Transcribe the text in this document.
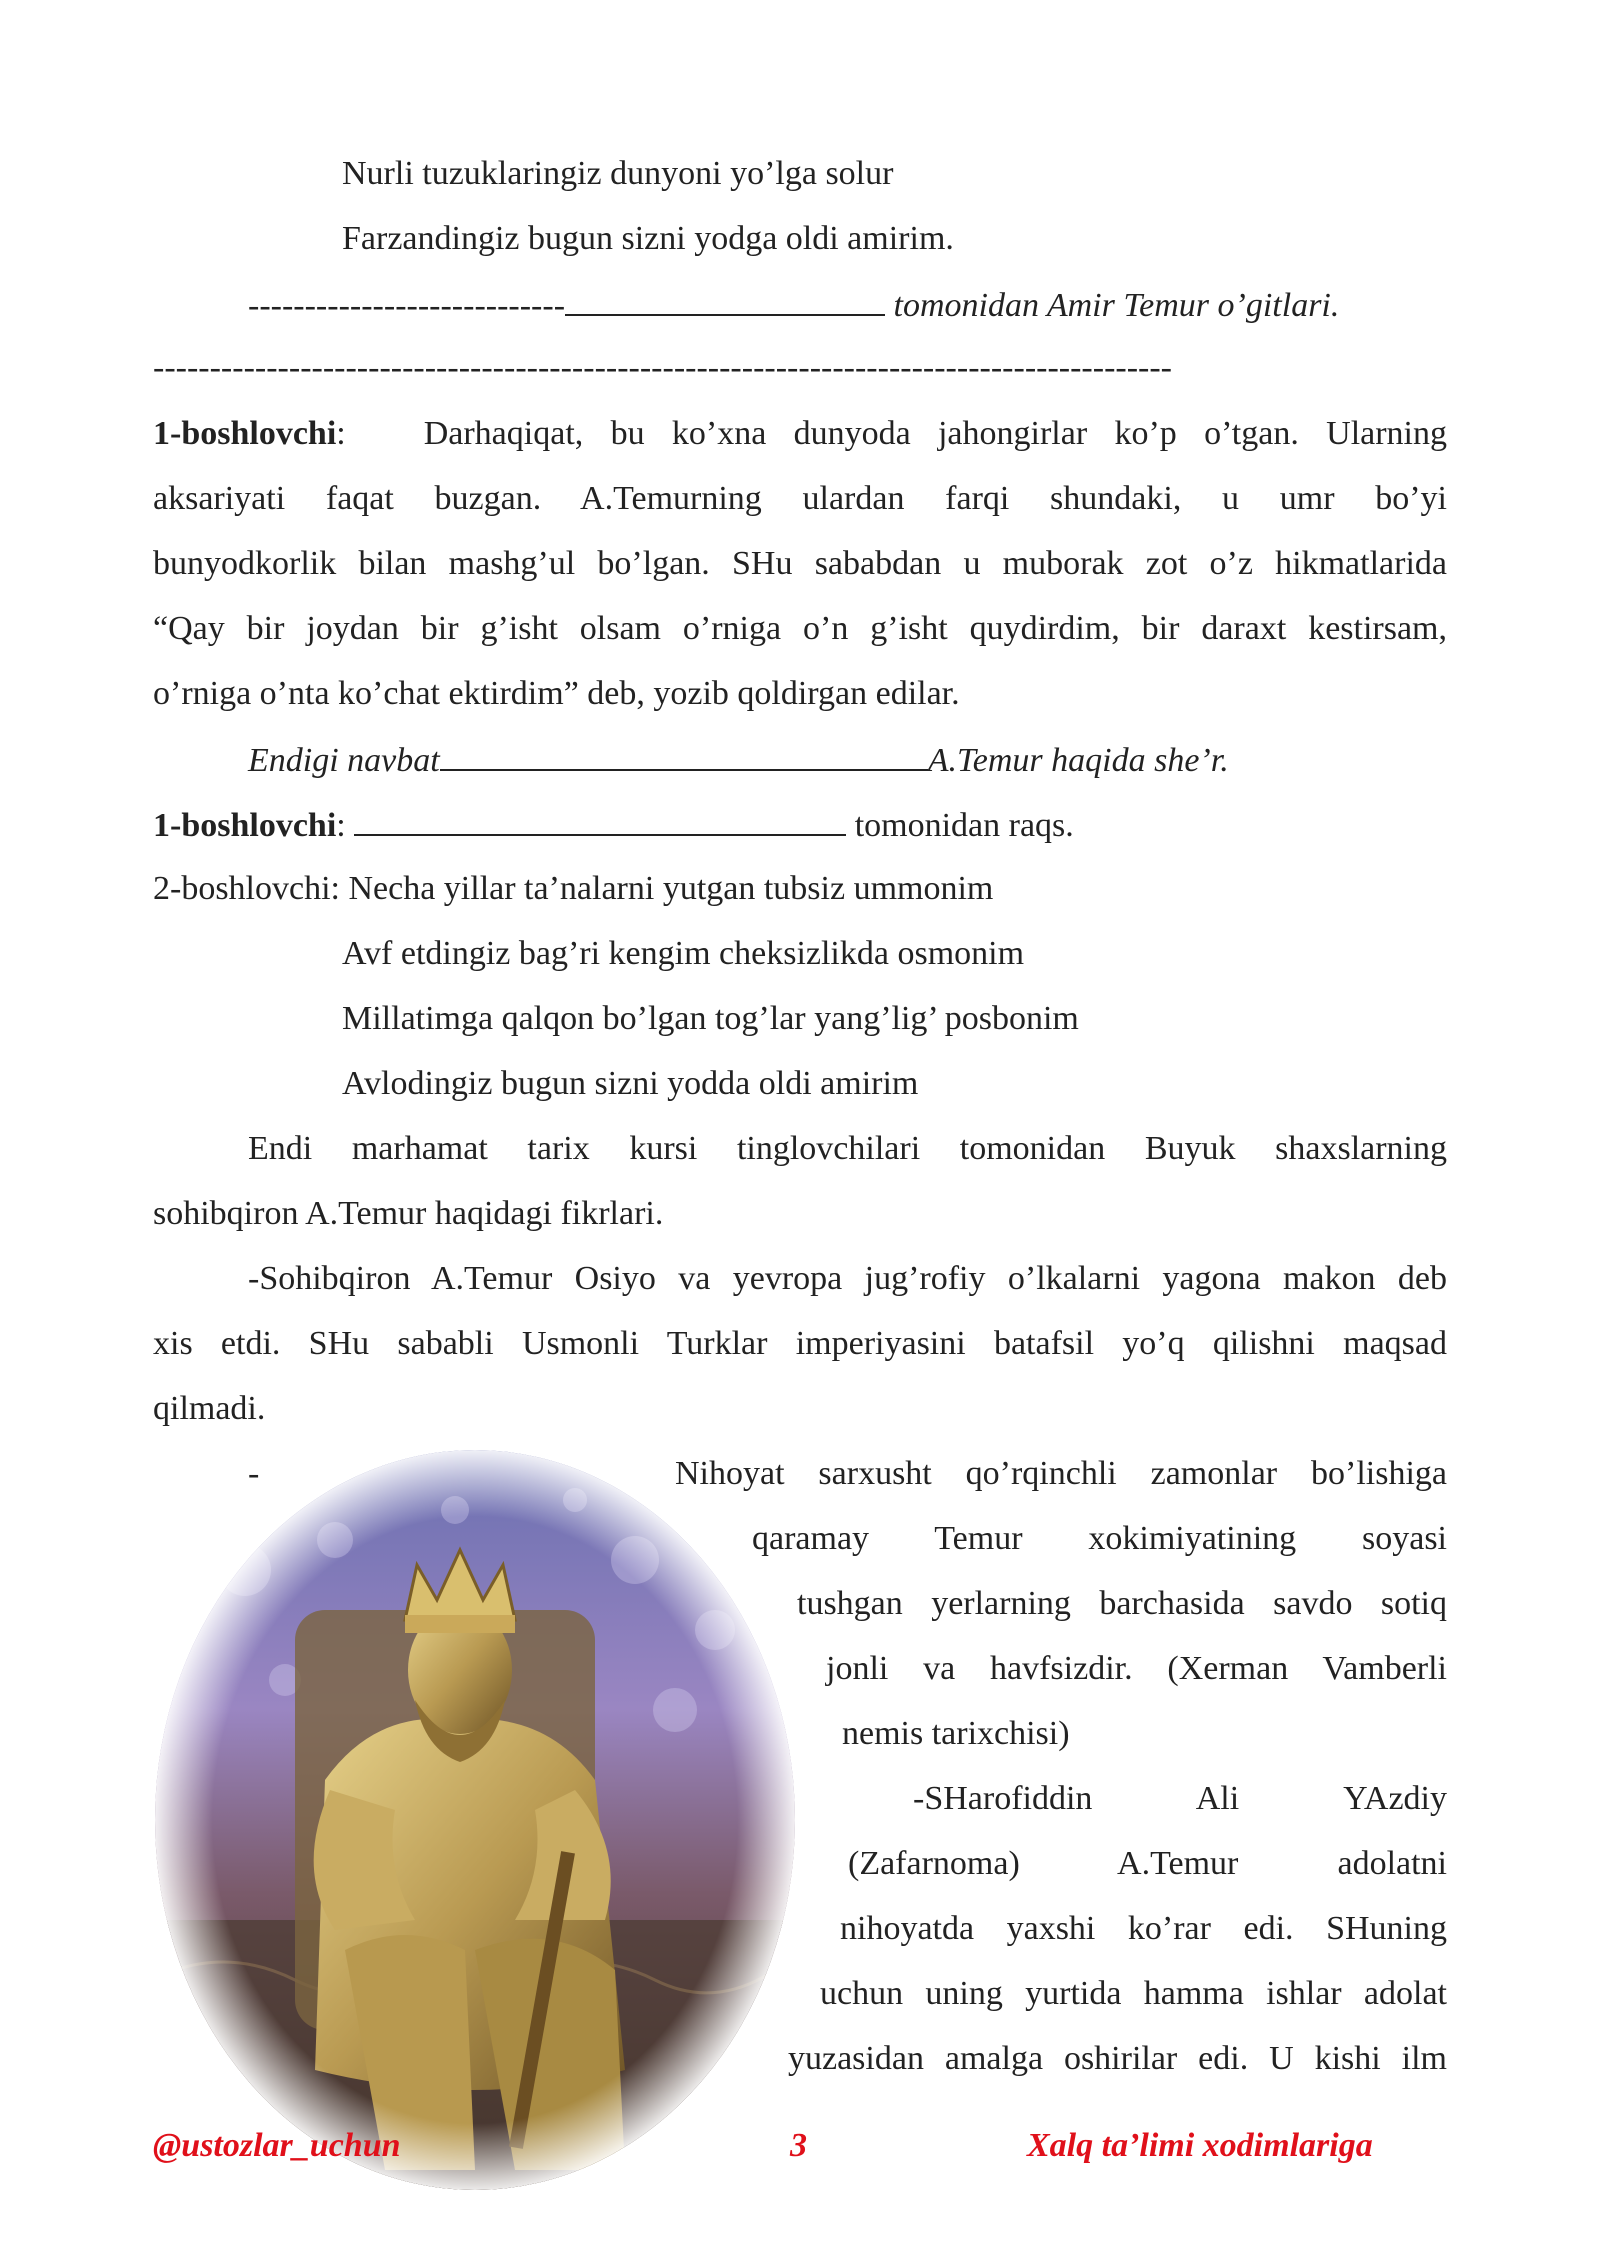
Nurli tuzuklaringiz dunyoni yo’lga solur
Farzandingiz bugun sizni yodga oldi amirim.
----------------------------	tomonidan Amir Temur o’gitlari.
------------------------------------------------------------------------------------------
1-boshlovchi: Darhaqiqat, bu ko’xna dunyoda jahongirlar ko’p o’tgan. Ularning
aksariyati faqat buzgan. A.Temurning ulardan farqi shundaki, u umr bo’yi
bunyodkorlik bilan mashg’ul bo’lgan. SHu sababdan u muborak zot o’z hikmatlarida
“Qay bir joydan bir g’isht olsam o’rniga o’n g’isht quydirdim, bir daraxt kestirsam,
o’rniga o’nta ko’chat ektirdim” deb, yozib qoldirgan edilar.
Endigi navbat	A.Temur haqida she’r.
1-boshlovchi:	tomonidan raqs.
2-boshlovchi: Necha yillar ta’nalarni yutgan tubsiz ummonim
Avf etdingiz bag’ri kengim cheksizlikda osmonim
Millatimga qalqon bo’lgan tog’lar yang’lig’ posbonim
Avlodingiz bugun sizni yodda oldi amirim
Endi marhamat tarix kursi tinglovchilari tomonidan Buyuk shaxslarning
sohibqiron A.Temur haqidagi fikrlari.
-Sohibqiron A.Temur Osiyo va yevropa jug’rofiy o’lkalarni yagona makon deb
xis etdi. SHu sababli Usmonli Turklar imperiyasini batafsil yo’q qilishni maqsad
qilmadi.
-	Nihoyat sarxusht qo’rqinchli zamonlar bo’lishiga
qaramay Temur xokimiyatining soyasi
tushgan yerlarning barchasida savdo sotiq
jonli va havfsizdir. (Xerman Vamberli
nemis tarixchisi)
-SHarofiddin Ali YAzdiy
(Zafarnoma) A.Temur adolatni
nihoyatda yaxshi ko’rar edi. SHuning
uchun uning yurtida hamma ishlar adolat
yuzasidan amalga oshirilar edi. U kishi ilm
@ustozlar_uchun	3	Xalq ta’limi xodimlariga
